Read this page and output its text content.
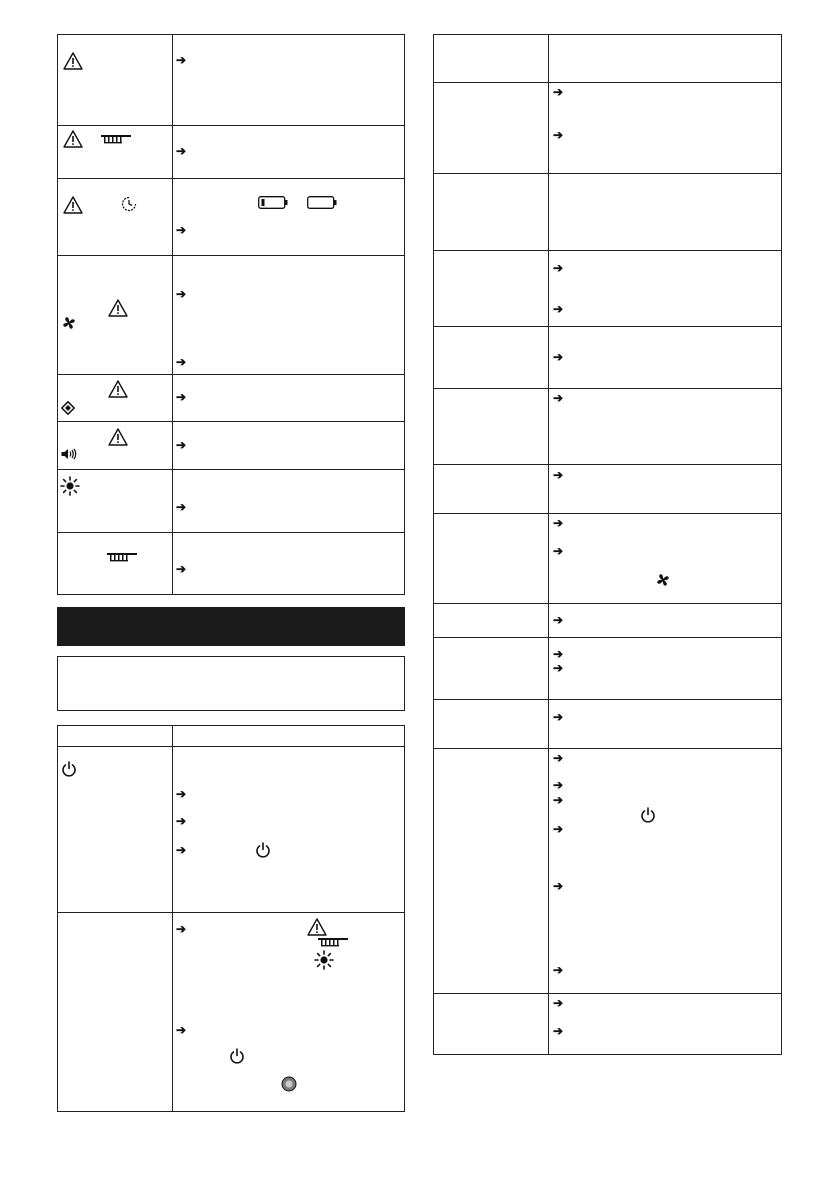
➔
➔
➔
➔
➔
➔
➔
➔
➔
➔
➔
➔
➔
➔
➔
➔
➔
➔
➔
➔
➔
➔
➔
➔
➔
➔
➔
➔
➔
➔
➔
➔
➔
➔
➔
